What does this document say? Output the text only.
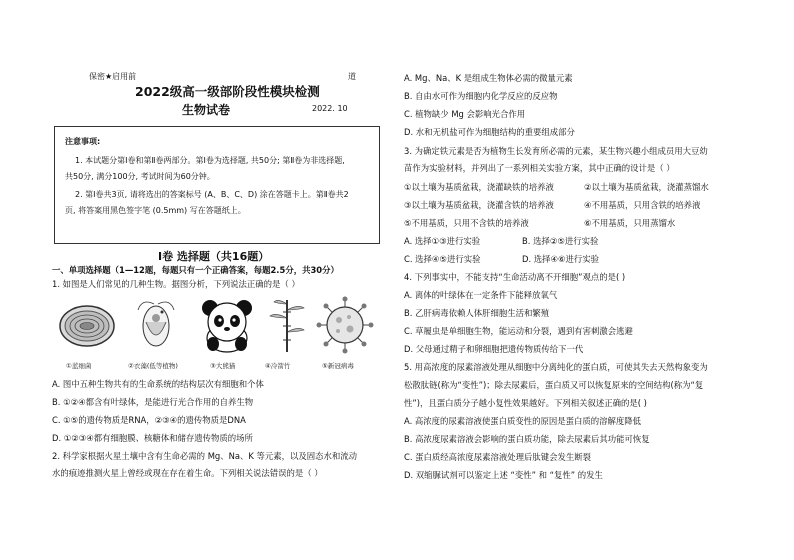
保密★启用前	道
2022级高一级部阶段性模块检测
生物试卷	2022. 10
注意事项:
1. 本试题分第Ⅰ卷和第Ⅱ卷两部分。第Ⅰ卷为选择题, 共50分; 第Ⅱ卷为非选择题,
共50分, 满分100分, 考试时间为60分钟。
2. 第Ⅰ卷共3页, 请将选出的答案标号 (A、B、C、D) 涂在答题卡上。第Ⅱ卷共2
页, 将答案用黑色签字笔 (0.5mm) 写在答题纸上。
Ⅰ卷 选择题（共16题）
一、单项选择题（1—12题，每题只有一个正确答案，每题2.5分，共30分）
1. 如图是人们常见的几种生物。据图分析，下列说法正确的是（ ）
①蓝细菌	②衣藻(低等植物)	③大熊猫	④冷箭竹	⑤新冠病毒
A. 图中五种生物共有的生命系统的结构层次有细胞和个体
B. ①②④都含有叶绿体，是能进行光合作用的自养生物
C. ①⑤的遗传物质是RNA，②③④的遗传物质是DNA
D. ①②③④都有细胞膜、核糖体和储存遗传物质的场所
2. 科学家根据火星土壤中含有生命必需的 Mg、Na、K 等元素，以及固态水和流动
水的痕迹推测火星上曾经或现在存在着生命。下列相关说法错误的是（ ）
A. Mg、Na、K 是组成生物体必需的微量元素
B. 自由水可作为细胞内化学反应的反应物
C. 植物缺少 Mg 会影响光合作用
D. 水和无机盐可作为细胞结构的重要组成部分
3. 为确定铁元素是否为植物生长发育所必需的元素，某生物兴趣小组成员用大豆幼
苗作为实验材料，并列出了一系列相关实验方案，其中正确的设计是（ ）
①以土壤为基质盆栽，浇灌缺铁的培养液	②以土壤为基质盆栽，浇灌蒸馏水
③以土壤为基质盆栽，浇灌含铁的培养液	④不用基质，只用含铁的培养液
⑤不用基质，只用不含铁的培养液	⑥不用基质，只用蒸馏水
A. 选择①③进行实验	B. 选择②⑤进行实验
C. 选择④⑤进行实验	D. 选择④⑥进行实验
4. 下列事实中，不能支持“生命活动离不开细胞”观点的是( )
A. 离体的叶绿体在一定条件下能释放氧气
B. 乙肝病毒依赖人体肝细胞生活和繁殖
C. 草履虫是单细胞生物，能运动和分裂，遇到有害刺激会逃避
D. 父母通过精子和卵细胞把遗传物质传给下一代
5. 用高浓度的尿素溶液处理从细胞中分离纯化的蛋白质，可使其失去天然构象变为
松散肽链(称为“变性”)；除去尿素后，蛋白质又可以恢复原来的空间结构(称为“复
性”)，且蛋白质分子越小复性效果越好。下列相关叙述正确的是( )
A. 高浓度的尿素溶液使蛋白质变性的原因是蛋白质的溶解度降低
B. 高浓度尿素溶液会影响的蛋白质功能，除去尿素后其功能可恢复
C. 蛋白质经高浓度尿素溶液处理后肽键会发生断裂
D. 双缩脲试剂可以鉴定上述 “变性” 和 “复性” 的发生
